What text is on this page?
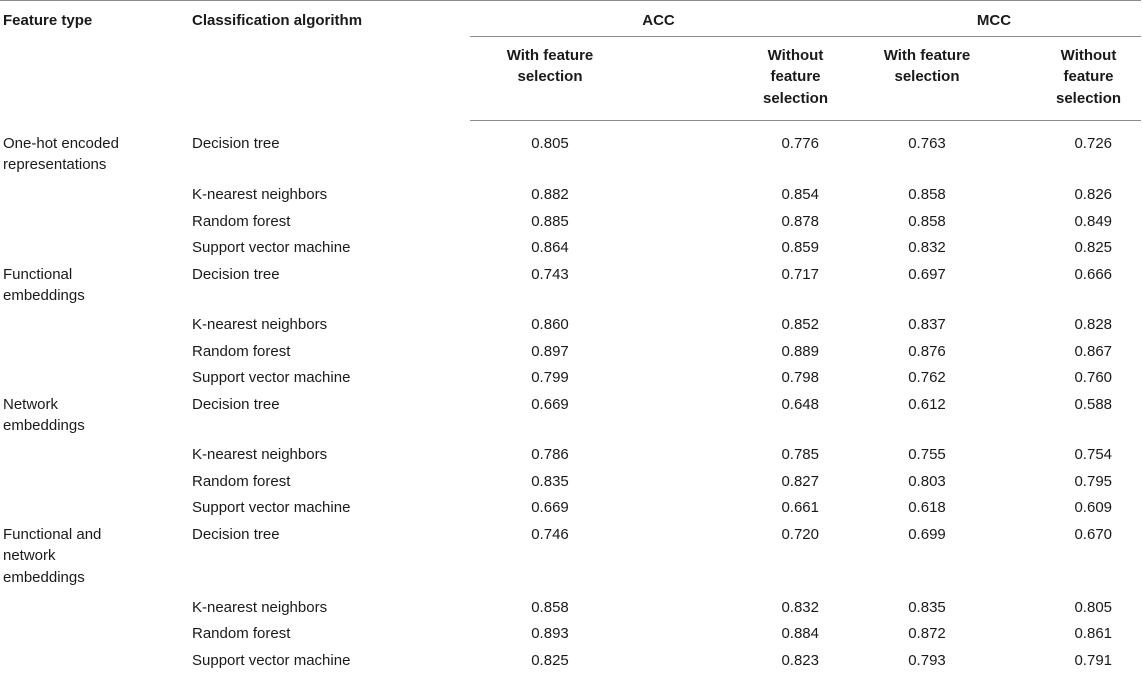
Feature type	Classification algorithm	ACC		MCC	
		With feature selection	Without feature selection	With feature selection	Without feature selection

One-hot encoded representations	Decision tree	0.805	0.776	0.763	0.726
	K-nearest neighbors	0.882	0.854	0.858	0.826
	Random forest	0.885	0.878	0.858	0.849
	Support vector machine	0.864	0.859	0.832	0.825

Functional embeddings	Decision tree	0.743	0.717	0.697	0.666
	K-nearest neighbors	0.860	0.852	0.837	0.828
	Random forest	0.897	0.889	0.876	0.867
	Support vector machine	0.799	0.798	0.762	0.760

Network embeddings	Decision tree	0.669	0.648	0.612	0.588
	K-nearest neighbors	0.786	0.785	0.755	0.754
	Random forest	0.835	0.827	0.803	0.795
	Support vector machine	0.669	0.661	0.618	0.609

Functional and network embeddings	Decision tree	0.746	0.720	0.699	0.670
	K-nearest neighbors	0.858	0.832	0.835	0.805
	Random forest	0.893	0.884	0.872	0.861
	Support vector machine	0.825	0.823	0.793	0.791
